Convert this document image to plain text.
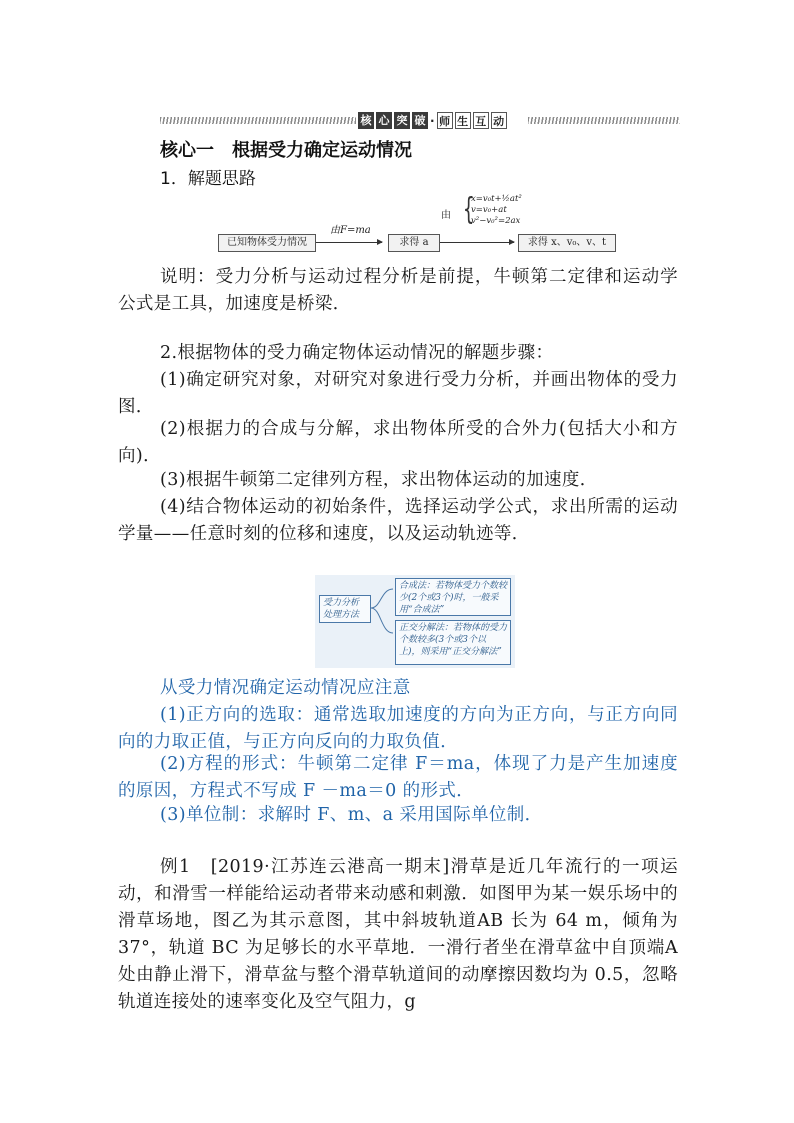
核 心 突 破 · 师 生 互 动
核心一　根据受力确定运动情况
1．解题思路
已知物体受力情况
由F=ma
求得 a
由 {
x=v₀t+½at²
v=v₀+at
v²−v₀²=2ax
求得 x、v₀、v、t
说明：受力分析与运动过程分析是前提，牛顿第二定律和运动学公式是工具，加速度是桥梁．
2.根据物体的受力确定物体运动情况的解题步骤：
(1)确定研究对象，对研究对象进行受力分析，并画出物体的受力图．
(2)根据力的合成与分解，求出物体所受的合外力(包括大小和方向)．
(3)根据牛顿第二定律列方程，求出物体运动的加速度．
(4)结合物体运动的初始条件，选择运动学公式，求出所需的运动学量——任意时刻的位移和速度，以及运动轨迹等．
受力分析处理方法
合成法：若物体受力个数较少(2个或3个)时，一般采用“合成法”
正交分解法：若物体的受力个数较多(3个或3个以上)，则采用“正交分解法”
从受力情况确定运动情况应注意
(1)正方向的选取：通常选取加速度的方向为正方向，与正方向同向的力取正值，与正方向反向的力取负值．
(2)方程的形式：牛顿第二定律 F＝ma，体现了力是产生加速度的原因，方程式不写成 F －ma＝0 的形式．
(3)单位制：求解时 F、m、a 采用国际单位制．
例1　[2019·江苏连云港高一期末]滑草是近几年流行的一项运动，和滑雪一样能给运动者带来动感和刺激．如图甲为某一娱乐场中的滑草场地，图乙为其示意图，其中斜坡轨道AB 长为 64 m，倾角为 37°，轨道 BC 为足够长的水平草地．一滑行者坐在滑草盆中自顶端A 处由静止滑下，滑草盆与整个滑草轨道间的动摩擦因数均为 0.5，忽略轨道连接处的速率变化及空气阻力，g
